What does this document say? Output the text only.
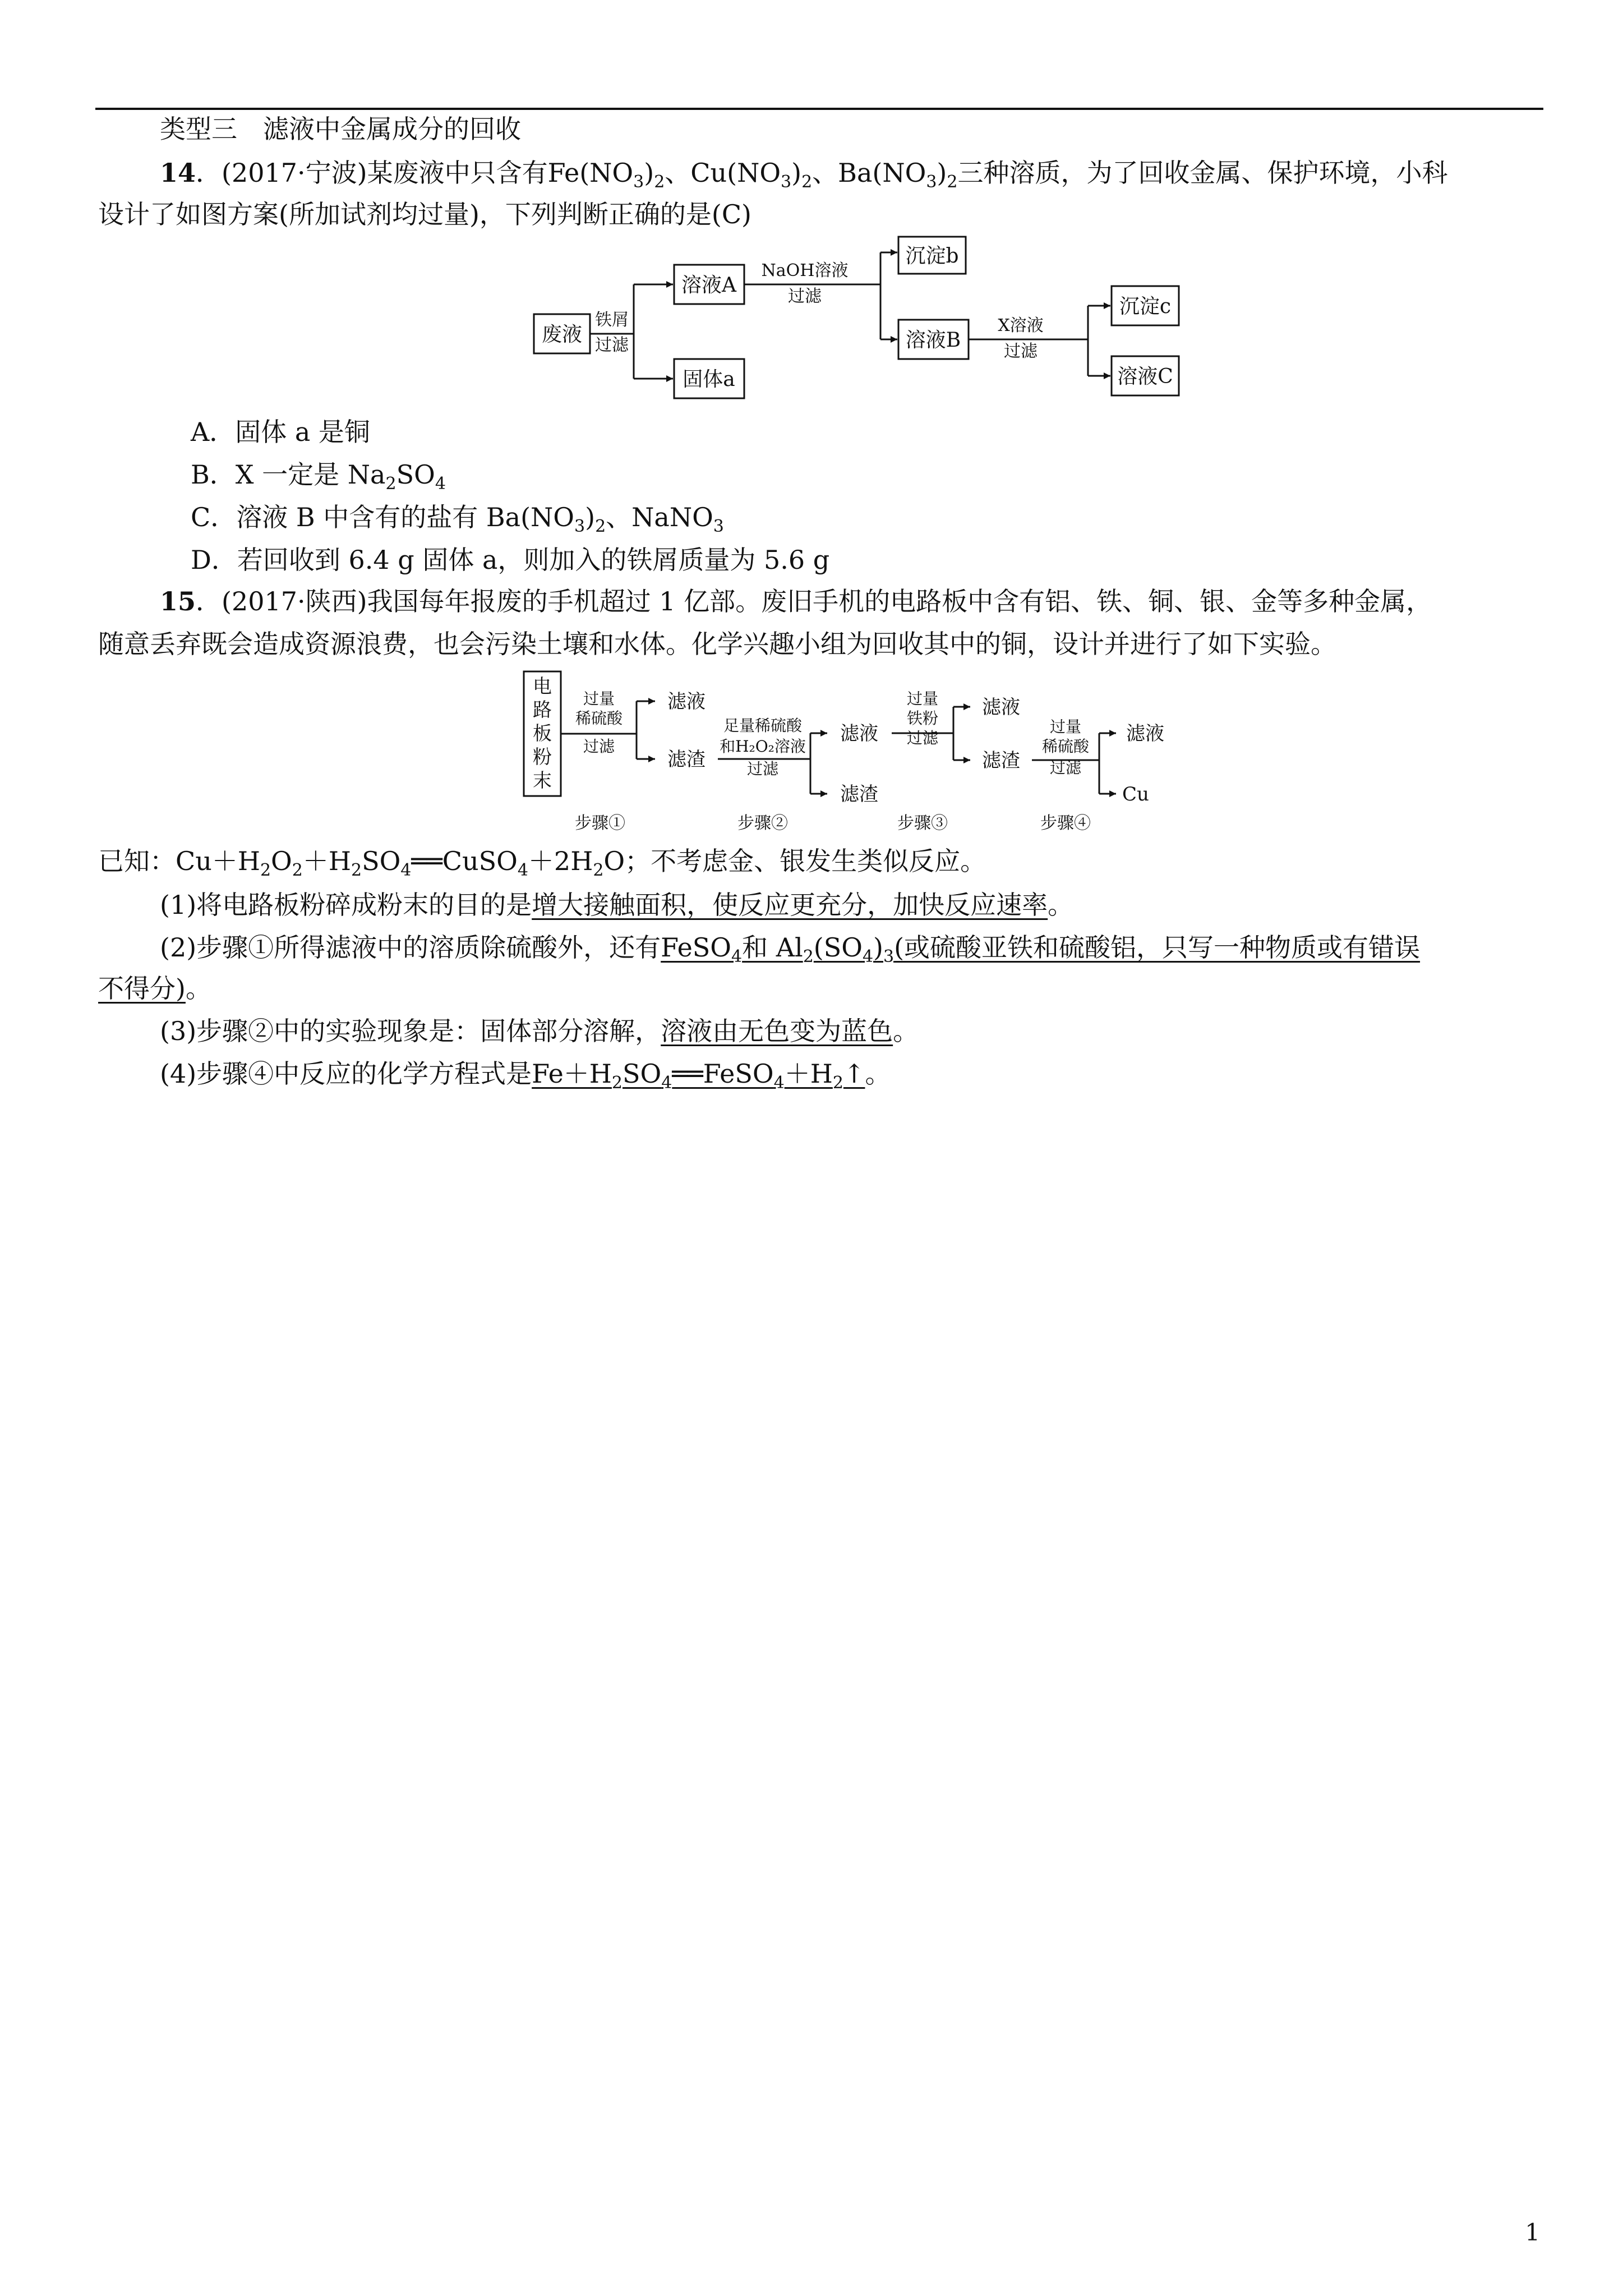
类型三　滤液中金属成分的回收
14．(2017·宁波)某废液中只含有$Fe(NO_3)_2$、$Cu(NO_3)_2$、$Ba(NO_3)_2$三种溶质，为了回收金属、保护环境，小科
设计了如图方案(所加试剂均过量)，下列判断正确的是(C)
废液
铁屑
过滤
溶液A
固体a
NaOH溶液
过滤
沉淀b
溶液B
X溶液
过滤
沉淀c
溶液C
A．固体 a 是铜
B．X 一定是 $Na_2SO_4$
C．溶液 B 中含有的盐有 $Ba(NO_3)_2$、NaNO$_3$
D．若回收到 6.4 g 固体 a，则加入的铁屑质量为 5.6 g
15．(2017·陕西)我国每年报废的手机超过 1 亿部。废旧手机的电路板中含有铝、铁、铜、银、金等多种金属，
随意丢弃既会造成资源浪费，也会污染土壤和水体。化学兴趣小组为回收其中的铜，设计并进行了如下实验。
电
路
板
粉
末
过量
稀硫酸
过滤
滤液
滤渣
足量稀硫酸
和H₂O₂溶液
过滤
滤液
滤渣
过量
铁粉
过滤
滤液
滤渣
过量
稀硫酸
过滤
滤液
Cu
步骤①	步骤②	步骤③	步骤④
已知：$Cu+H_2O_2+H_2SO_4══CuSO_4+2H_2O$；不考虑金、银发生类似反应。
(1)将电路板粉碎成粉末的目的是增大接触面积，使反应更充分，加快反应速率。
(2)步骤①所得滤液中的溶质除硫酸外，还有FeSO$_4$和 $Al_2(SO_4)_3$(或硫酸亚铁和硫酸铝，只写一种物质或有错误
不得分)。
(3)步骤②中的实验现象是：固体部分溶解，溶液由无色变为蓝色。
(4)步骤④中反应的化学方程式是$Fe+H_2SO_4══FeSO_4+H_2↑$。
1
